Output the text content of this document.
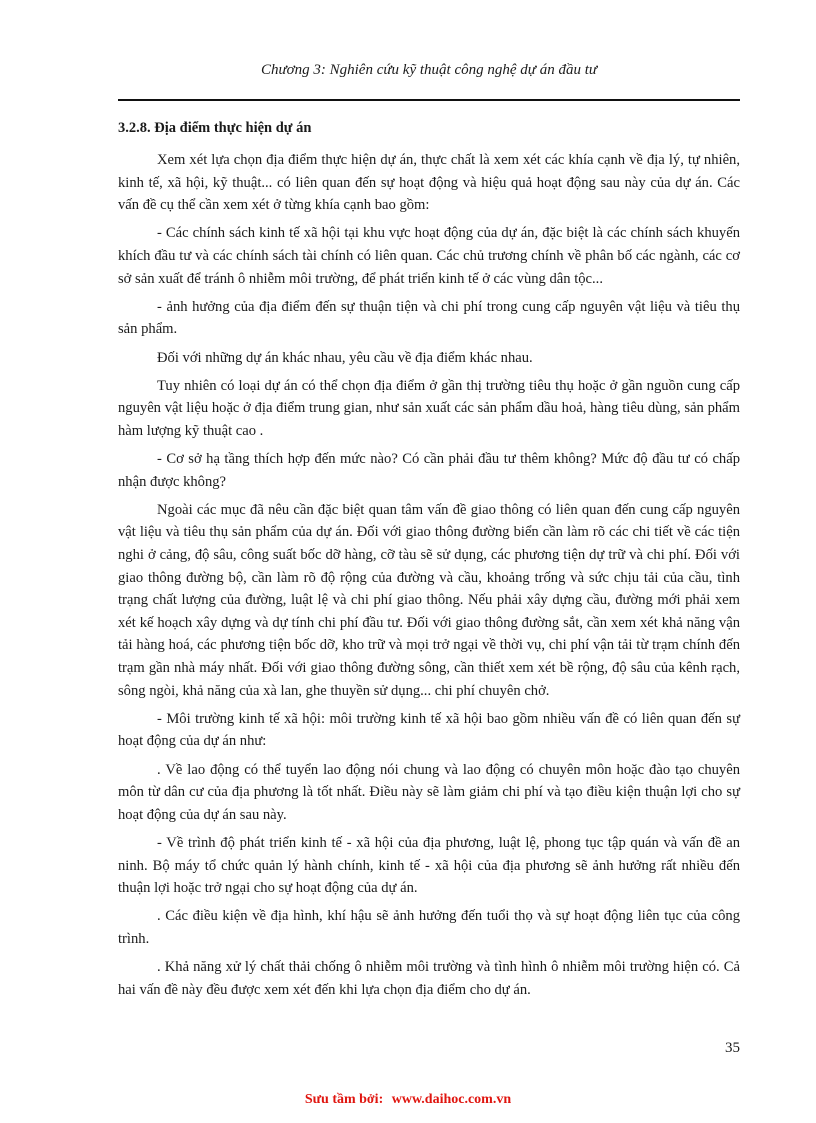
Chương 3: Nghiên cứu kỹ thuật công nghệ dự án đầu tư
3.2.8. Địa điểm thực hiện dự án

Xem xét lựa chọn địa điểm thực hiện dự án, thực chất là xem xét các khía cạnh về địa lý, tự nhiên, kinh tế, xã hội, kỹ thuật... có liên quan đến sự hoạt động và hiệu quả hoạt động sau này của dự án. Các vấn đề cụ thể cần xem xét ở từng khía cạnh bao gồm:

- Các chính sách kinh tế xã hội tại khu vực hoạt động của dự án, đặc biệt là các chính sách khuyến khích đầu tư và các chính sách tài chính có liên quan. Các chủ trương chính về phân bố các ngành, các cơ sở sản xuất để tránh ô nhiễm môi trường, để phát triển kinh tế ở các vùng dân tộc...

- ảnh hưởng của địa điểm đến sự thuận tiện và chi phí trong cung cấp nguyên vật liệu và tiêu thụ sản phẩm.

Đối với những dự án khác nhau, yêu cầu về địa điểm khác nhau.

Tuy nhiên có loại dự án có thể chọn địa điểm ở gần thị trường tiêu thụ hoặc ở gần nguồn cung cấp nguyên vật liệu hoặc ở địa điểm trung gian, như sản xuất các sản phẩm dầu hoả, hàng tiêu dùng, sản phẩm hàm lượng kỹ thuật cao .

- Cơ sở hạ tầng thích hợp đến mức nào? Có cần phải đầu tư thêm không? Mức độ đầu tư có chấp nhận được không?

Ngoài các mục đã nêu cần đặc biệt quan tâm vấn đề giao thông có liên quan đến cung cấp nguyên vật liệu và tiêu thụ sản phẩm của dự án. Đối với giao thông đường biển cần làm rõ các chi tiết về các tiện nghi ở cảng, độ sâu, công suất bốc dỡ hàng, cỡ tàu sẽ sử dụng, các phương tiện dự trữ và chi phí. Đối với giao thông đường bộ, cần làm rõ độ rộng của đường và cầu, khoảng trống và sức chịu tải của cầu, tình trạng chất lượng của đường, luật lệ và chi phí giao thông. Nếu phải xây dựng cầu, đường mới phải xem xét kế hoạch xây dựng và dự tính chi phí đầu tư. Đối với giao thông đường sắt, cần xem xét khả năng vận tải hàng hoá, các phương tiện bốc dỡ, kho trữ và mọi trở ngại về thời vụ, chi phí vận tải từ trạm chính đến trạm gần nhà máy nhất. Đối với giao thông đường sông, cần thiết xem xét bề rộng, độ sâu của kênh rạch, sông ngòi, khả năng của xà lan, ghe thuyền sử dụng... chi phí chuyên chở.

- Môi trường kinh tế xã hội: môi trường kinh tế xã hội bao gồm nhiều vấn đề có liên quan đến sự hoạt động của dự án như:

. Về lao động có thể tuyển lao động nói chung và lao động có chuyên môn hoặc đào tạo chuyên môn từ dân cư của địa phương là tốt nhất. Điều này sẽ làm giảm chi phí và tạo điều kiện thuận lợi cho sự hoạt động của dự án sau này.

- Về trình độ phát triển kinh tế - xã hội của địa phương, luật lệ, phong tục tập quán và vấn đề an ninh. Bộ máy tổ chức quản lý hành chính, kinh tế - xã hội của địa phương sẽ ảnh hưởng rất nhiều đến thuận lợi hoặc trở ngại cho sự hoạt động của dự án.

. Các điều kiện về địa hình, khí hậu sẽ ảnh hưởng đến tuổi thọ và sự hoạt động liên tục của công trình.

. Khả năng xử lý chất thải chống ô nhiễm môi trường và tình hình ô nhiễm môi trường hiện có. Cả hai vấn đề này đều được xem xét đến khi lựa chọn địa điểm cho dự án.

35
Sưu tầm bởi: www.daihoc.com.vn
